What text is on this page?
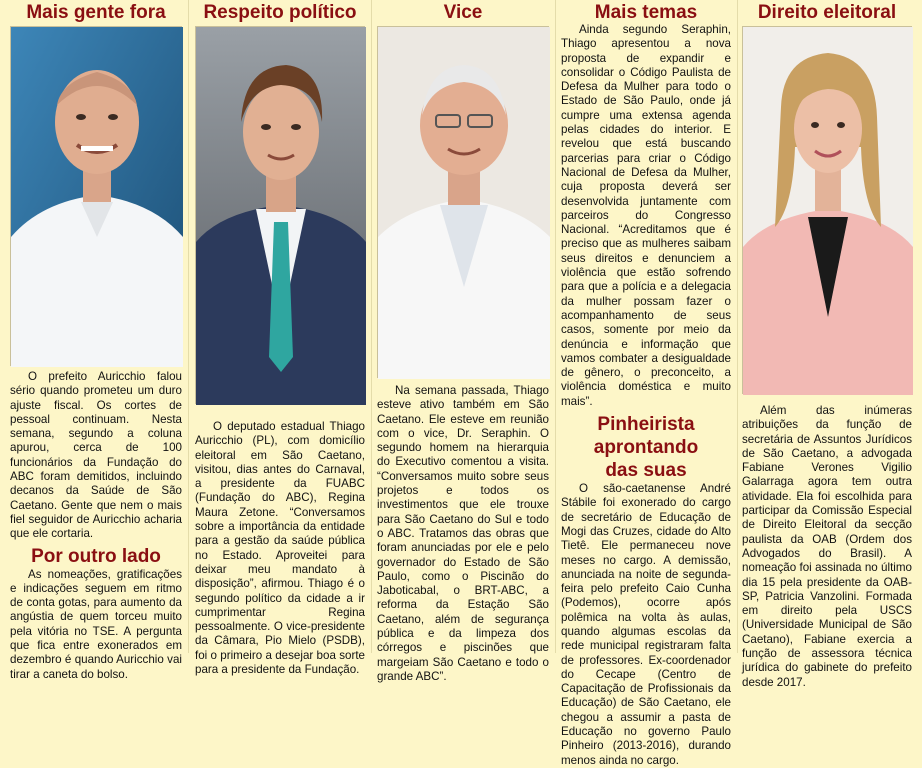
Mais gente fora

O prefeito Auricchio falou sério quando prometeu um duro ajuste fiscal. Os cortes de pessoal continuam. Nesta semana, segundo a coluna apurou, cerca de 100 funcionários da Fundação do ABC foram demitidos, incluindo decanos da Saúde de São Caetano. Gente que nem o mais fiel seguidor de Auricchio acharia que ele cortaria.

Por outro lado

As nomeações, gratificações e indicações seguem em ritmo de conta gotas, para aumento da angústia de quem torceu muito pela vitória no TSE. A pergunta que fica entre exonerados em dezembro é quando Auricchio vai tirar a caneta do bolso.

Respeito político

O deputado estadual Thiago Auricchio (PL), com domicílio eleitoral em São Caetano, visitou, dias antes do Carnaval, a presidente da FUABC (Fundação do ABC), Regina Maura Zetone. “Conversamos sobre a importância da entidade para a gestão da saúde pública no Estado. Aproveitei para deixar meu mandato à disposição”, afirmou. Thiago é o segundo político da cidade a ir cumprimentar Regina pessoalmente. O vice-presidente da Câmara, Pio Mielo (PSDB), foi o primeiro a desejar boa sorte para a presidente da Fundação.

Vice

Na semana passada, Thiago esteve ativo também em São Caetano. Ele esteve em reunião com o vice, Dr. Seraphin. O segundo homem na hierarquia do Executivo comentou a visita. “Conversamos muito sobre seus projetos e todos os investimentos que ele trouxe para São Caetano do Sul e todo o ABC. Tratamos das obras que foram anunciadas por ele e pelo governador do Estado de São Paulo, como o Piscinão do Jaboticabal, o BRT-ABC, a reforma da Estação São Caetano, além de segurança pública e da limpeza dos córregos e piscinões que margeiam São Caetano e todo o grande ABC”.

Mais temas

Ainda segundo Seraphin, Thiago apresentou a nova proposta de expandir e consolidar o Código Paulista de Defesa da Mulher para todo o Estado de São Paulo, onde já cumpre uma extensa agenda pelas cidades do interior. E revelou que está buscando parcerias para criar o Código Nacional de Defesa da Mulher, cuja proposta deverá ser desenvolvida juntamente com parceiros do Congresso Nacional. “Acreditamos que é preciso que as mulheres saibam seus direitos e denunciem a violência que estão sofrendo para que a polícia e a delegacia da mulher possam fazer o acompanhamento de seus casos, somente por meio da denúncia e informação que vamos combater a desigualdade de gênero, o preconceito, a violência doméstica e muito mais”.

Pinheirista
aprontando
das suas

O são-caetanense André Stábile foi exonerado do cargo de secretário de Educação de Mogi das Cruzes, cidade do Alto Tietê. Ele permaneceu nove meses no cargo. A demissão, anunciada na noite de segunda-feira pelo prefeito Caio Cunha (Podemos), ocorre após polêmica na volta às aulas, quando algumas escolas da rede municipal registraram falta de professores. Ex-coordenador do Cecape (Centro de Capacitação de Profissionais da Educação) de São Caetano, ele chegou a assumir a pasta de Educação no governo Paulo Pinheiro (2013-2016), durando menos ainda no cargo.

Direito eleitoral

Além das inúmeras atribuições da função de secretária de Assuntos Jurídicos de São Caetano, a advogada Fabiane Verones Vigilio Galarraga agora tem outra atividade. Ela foi escolhida para participar da Comissão Especial de Direito Eleitoral da secção paulista da OAB (Ordem dos Advogados do Brasil). A nomeação foi assinada no último dia 15 pela presidente da OAB-SP, Patricia Vanzolini. Formada em direito pela USCS (Universidade Municipal de São Caetano), Fabiane exercia a função de assessora técnica jurídica do gabinete do prefeito desde 2017.
